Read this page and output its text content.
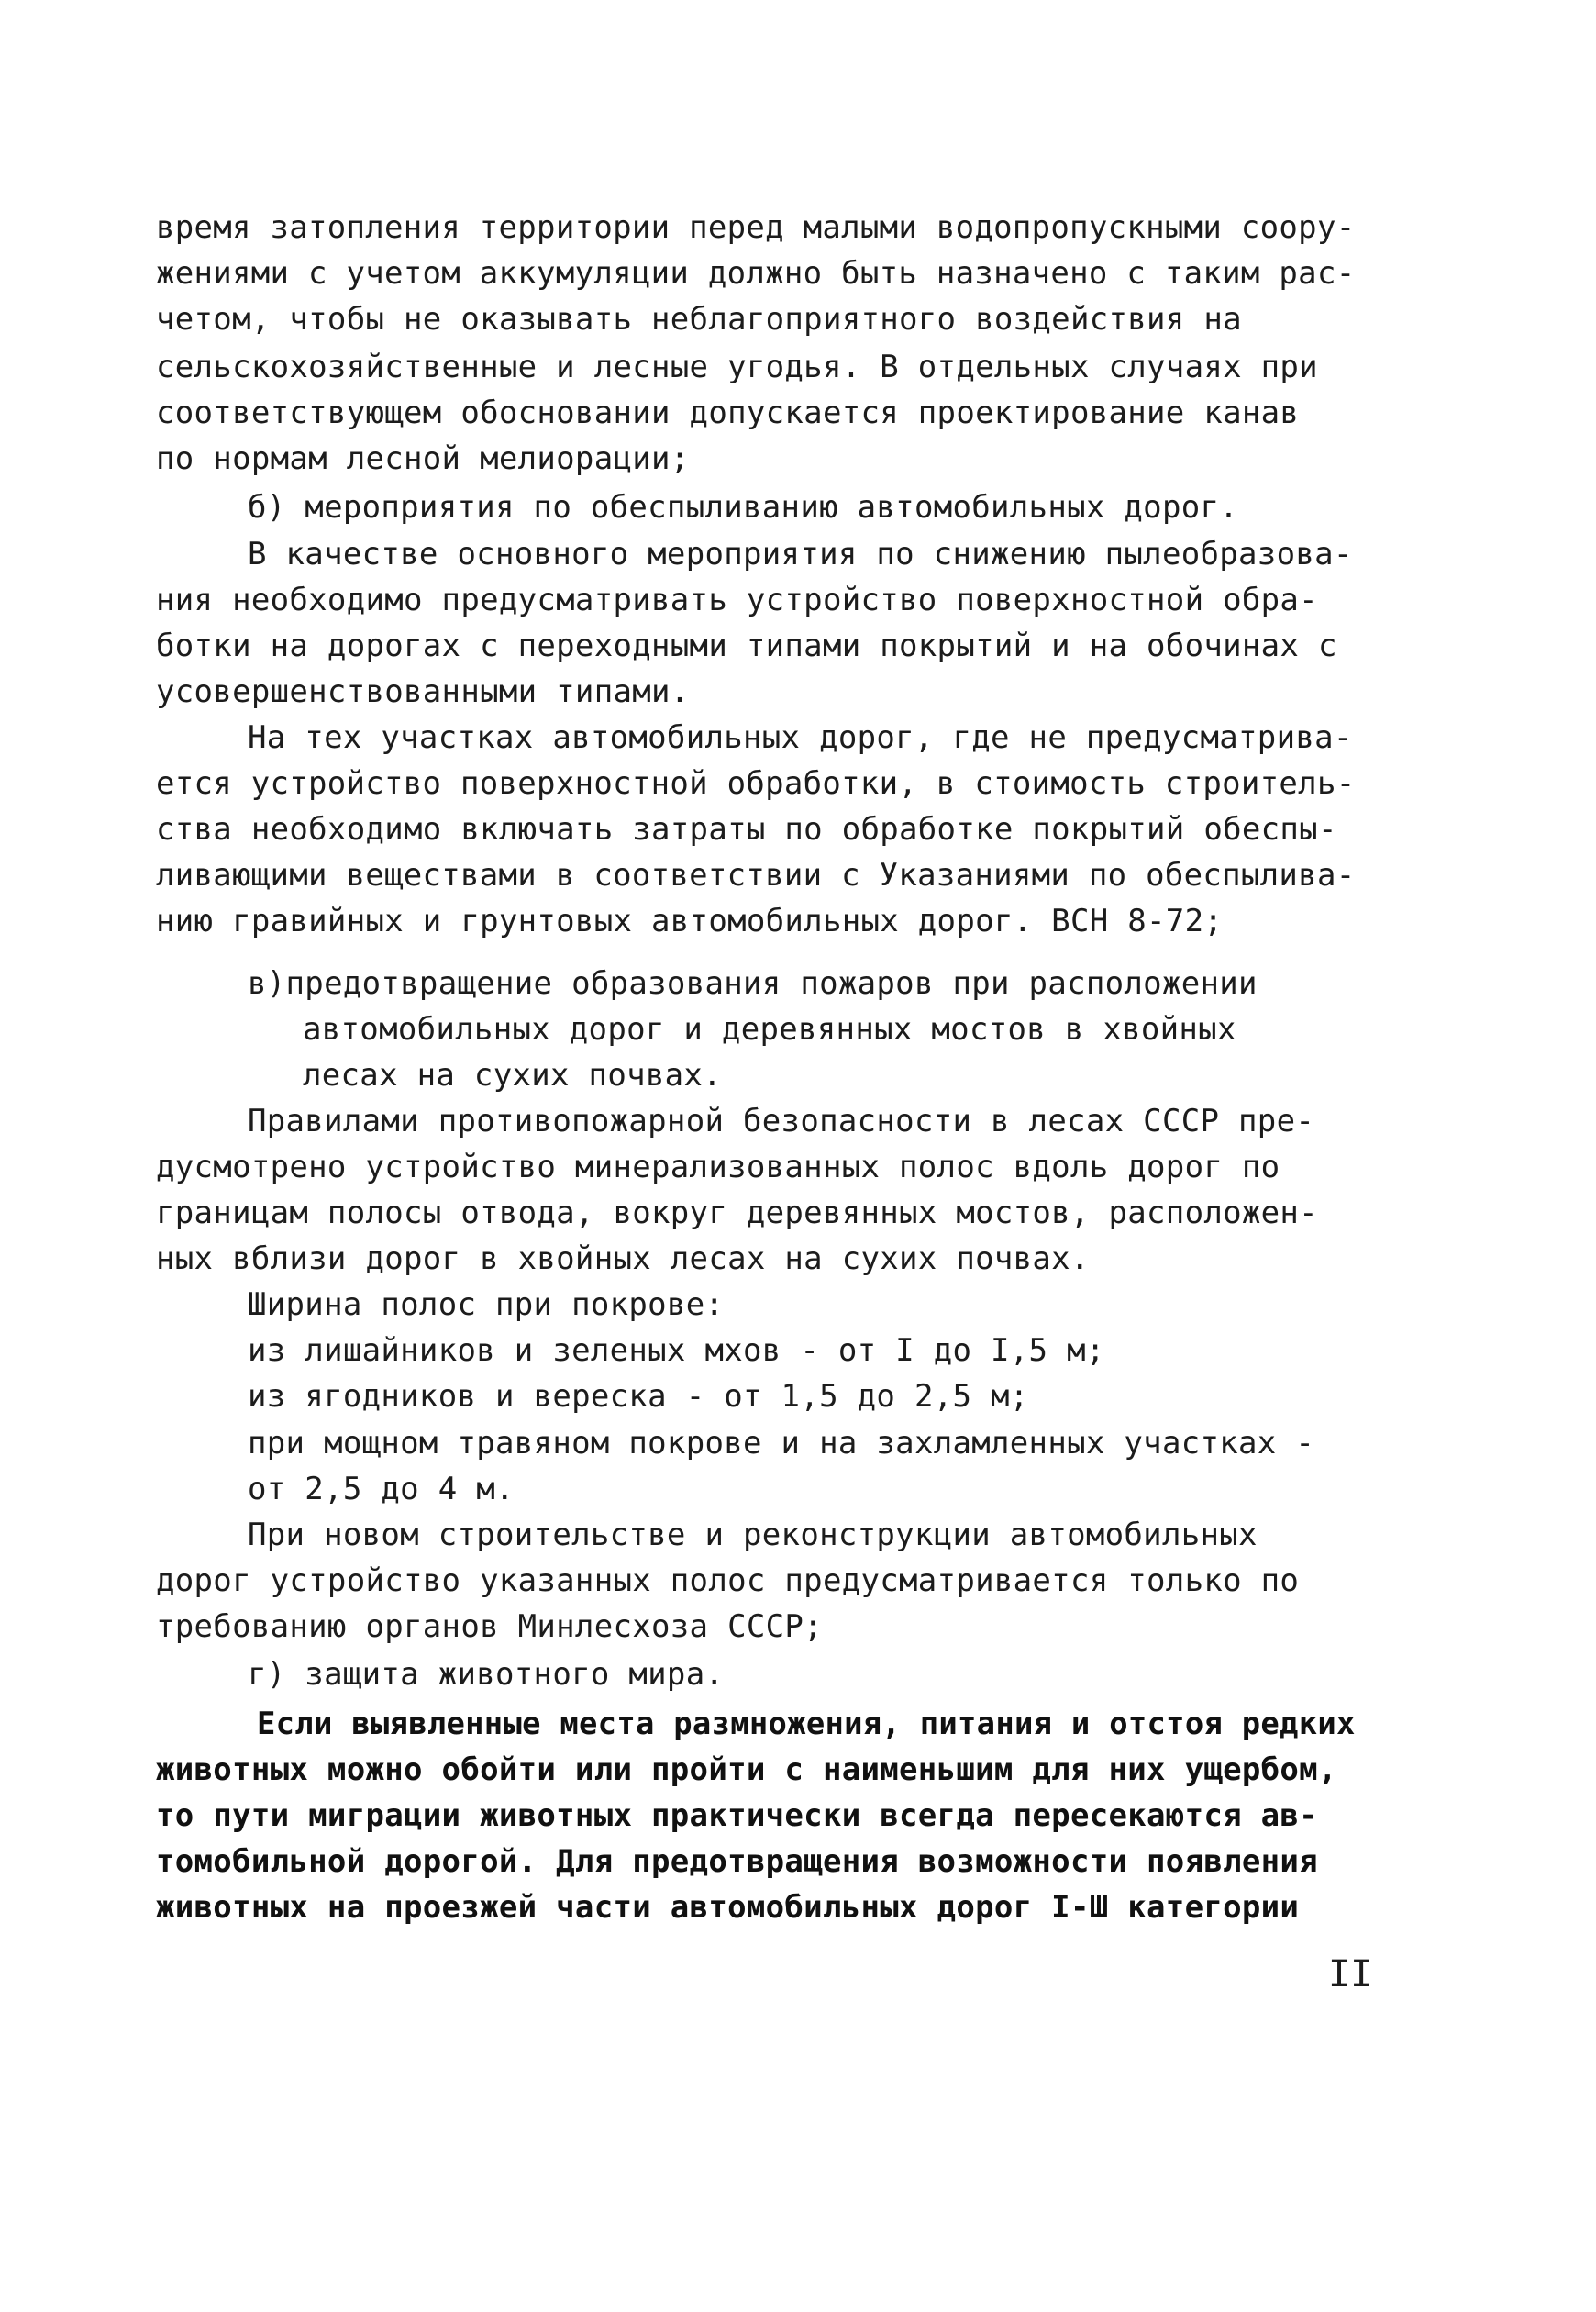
время затопления территории перед малыми водопропускными соору-
жениями с учетом аккумуляции должно быть назначено с таким рас-
четом, чтобы не оказывать неблагоприятного воздействия на
сельскохозяйственные и лесные угодья. В отдельных случаях при
соответствующем обосновании допускается проектирование канав
по нормам лесной мелиорации;
б) мероприятия по обеспыливанию автомобильных дорог.
В качестве основного мероприятия по снижению пылеобразова-
ния необходимо предусматривать устройство поверхностной обра-
ботки на дорогах с переходными типами покрытий и на обочинах с
усовершенствованными типами.
На тех участках автомобильных дорог, где не предусматрива-
ется устройство поверхностной обработки, в стоимость строитель-
ства необходимо включать затраты по обработке покрытий обеспы-
ливающими веществами в соответствии с Указаниями по обеспылива-
нию гравийных и грунтовых автомобильных дорог. ВСН 8-72;
в)предотвращение образования пожаров при расположении
автомобильных дорог и деревянных мостов в хвойных
лесах на сухих почвах.
Правилами противопожарной безопасности в лесах СССР пре-
дусмотрено устройство минерализованных полос вдоль дорог по
границам полосы отвода, вокруг деревянных мостов, расположен-
ных вблизи дорог в хвойных лесах на сухих почвах.
Ширина полос при покрове:
из лишайников и зеленых мхов - от I до I,5 м;
из ягодников и вереска - от 1,5 до 2,5 м;
при мощном травяном покрове и на захламленных участках -
от 2,5 до 4 м.
При новом строительстве и реконструкции автомобильных
дорог устройство указанных полос предусматривается только по
требованию органов Минлесхоза СССР;
г) защита животного мира.
Если выявленные места размножения, питания и отстоя редких
животных можно обойти или пройти с наименьшим для них ущербом,
то пути миграции животных практически всегда пересекаются ав-
томобильной дорогой. Для предотвращения возможности появления
животных на проезжей части автомобильных дорог I-Ш категории
II
